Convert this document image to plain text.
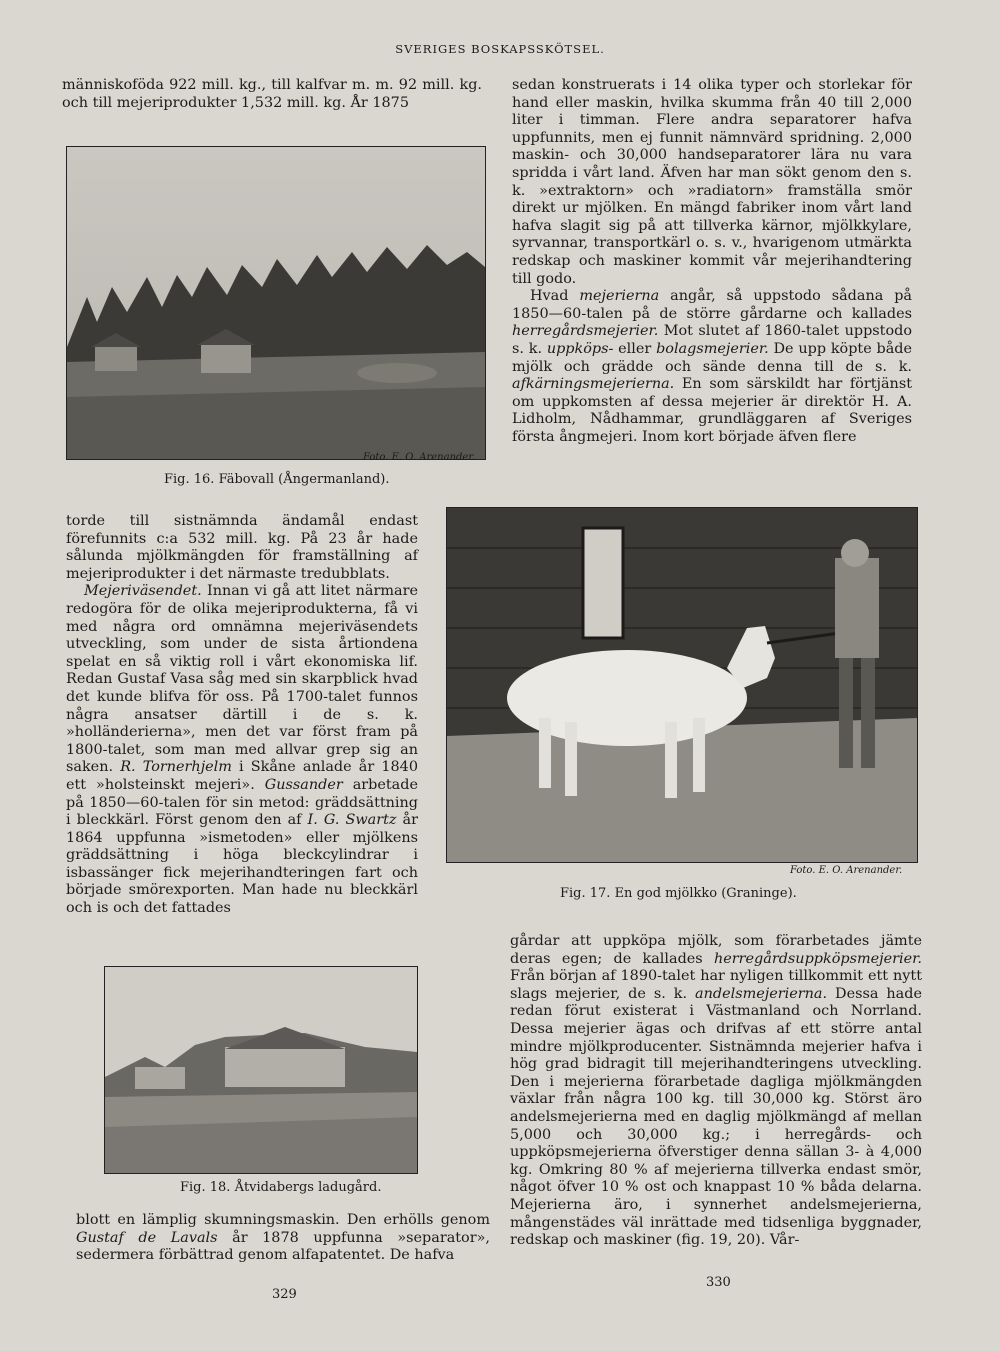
SVERIGES BOSKAPSSKÖTSEL.

människoföda 922 mill. kg., till kalfvar m. m. 92 mill. kg. och till mejeriprodukter 1,532 mill. kg. År 1875

Foto. E. O. Arenander.
Fig. 16. Fäbovall (Ångermanland).

torde till sistnämnda ändamål endast förefunnits c:a 532 mill. kg. På 23 år hade sålunda mjölkmängden för framställning af mejeriprodukter i det närmaste tredubblats.

Mejeriväsendet. Innan vi gå att litet närmare redogöra för de olika mejeriprodukterna, få vi med några ord omnämna mejeriväsendets utveckling, som under de sista årtiondena spelat en så viktig roll i vårt ekonomiska lif. Redan Gustaf Vasa såg med sin skarpblick hvad det kunde blifva för oss. På 1700-talet funnos några ansatser därtill i de s. k. »holländerierna», men det var först fram på 1800-talet, som man med allvar grep sig an saken. R. Tornerhjelm i Skåne anlade år 1840 ett »holsteinskt mejeri». Gussander arbetade på 1850—60-talen för sin metod: gräddsättning i bleckkärl. Först genom den af I. G. Swartz år 1864 uppfunna »ismetoden» eller mjölkens gräddsättning i höga bleckcylindrar i isbassänger fick mejerihandteringen fart och började smörexporten. Man hade nu bleckkärl och is och det fattades

Fig. 18. Åtvidabergs ladugård.

blott en lämplig skumningsmaskin. Den erhölls genom Gustaf de Lavals år 1878 uppfunna »separator», sedermera förbättrad genom alfapatentet. De hafva

329

sedan konstruerats i 14 olika typer och storlekar för hand eller maskin, hvilka skumma från 40 till 2,000 liter i timman. Flere andra separatorer hafva uppfunnits, men ej funnit nämnvärd spridning. 2,000 maskin- och 30,000 handseparatorer lära nu vara spridda i vårt land. Äfven har man sökt genom den s. k. »extraktorn» och »radiatorn» framställa smör direkt ur mjölken. En mängd fabriker inom vårt land hafva slagit sig på att tillverka kärnor, mjölkkylare, syrvannar, transportkärl o. s. v., hvarigenom utmärkta redskap och maskiner kommit vår mejerihandtering till godo.

Hvad mejerierna angår, så uppstodo sådana på 1850—60-talen på de större gårdarne och kallades herregårdsmejerier. Mot slutet af 1860-talet uppstodo s. k. uppköps- eller bolagsmejerier. De upp köpte både mjölk och grädde och sände denna till de s. k. afkärningsmejerierna. En som särskildt har förtjänst om uppkomsten af dessa mejerier är direktör H. A. Lidholm, Nådhammar, grundläggaren af Sveriges första ångmejeri. Inom kort började äfven flere

Foto. E. O. Arenander.
Fig. 17. En god mjölkko (Graninge).

gårdar att uppköpa mjölk, som förarbetades jämte deras egen; de kallades herregårdsuppköpsmejerier. Från början af 1890-talet har nyligen tillkommit ett nytt slags mejerier, de s. k. andelsmejerierna. Dessa hade redan förut existerat i Västmanland och Norrland. Dessa mejerier ägas och drifvas af ett större antal mindre mjölkproducenter. Sistnämnda mejerier hafva i hög grad bidragit till mejerihandteringens utveckling. Den i mejerierna förarbetade dagliga mjölkmängden växlar från några 100 kg. till 30,000 kg. Störst äro andelsmejerierna med en daglig mjölkmängd af mellan 5,000 och 30,000 kg.; i herregårds- och uppköpsmejerierna öfverstiger denna sällan 3- à 4,000 kg. Omkring 80 % af mejerierna tillverka endast smör, något öfver 10 % ost och knappast 10 % båda delarna. Mejerierna äro, i synnerhet andelsmejerierna, mångenstädes väl inrättade med tidsenliga byggnader, redskap och maskiner (fig. 19, 20). Vår-

330
